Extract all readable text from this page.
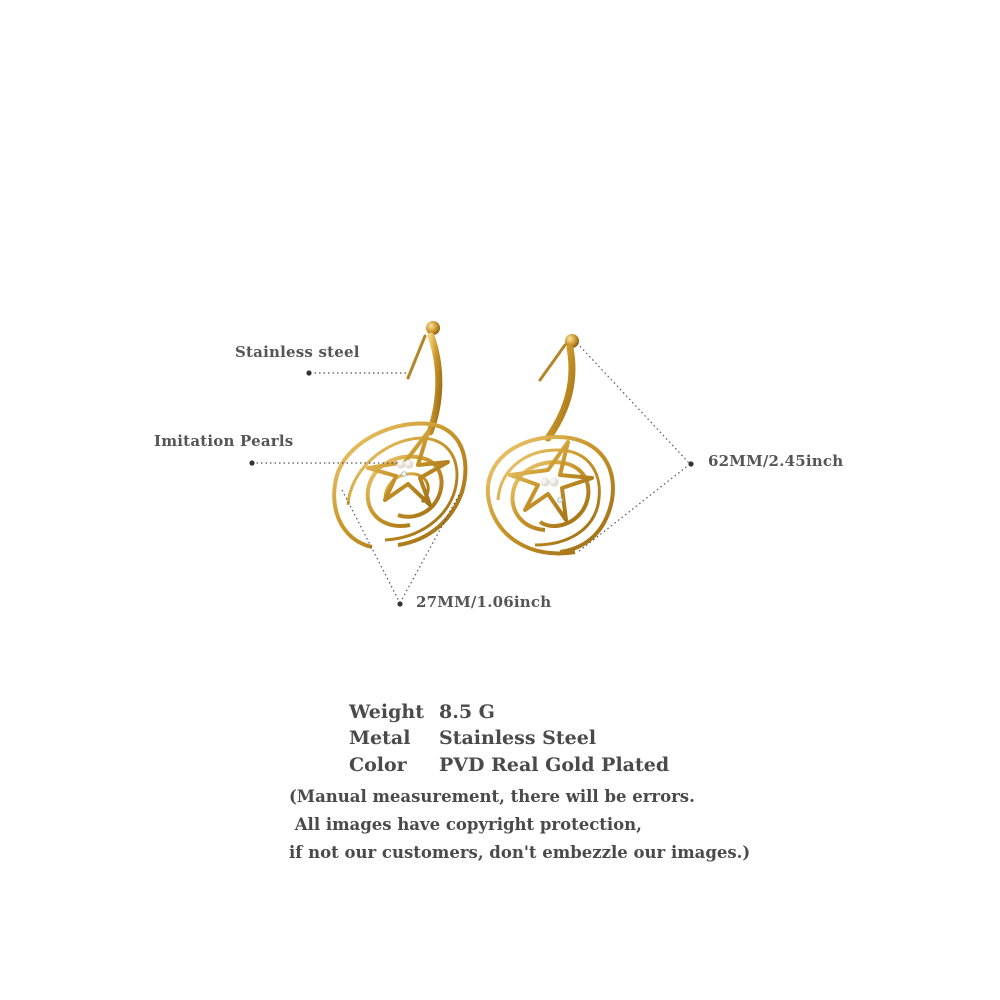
Stainless steel
Imitation Pearls
62MM/2.45inch
27MM/1.06inch
Weight 8.5 G
Metal Stainless Steel
Color PVD Real Gold Plated
(Manual measurement, there will be errors.
All images have copyright protection,
if not our customers, don't embezzle our images.)
